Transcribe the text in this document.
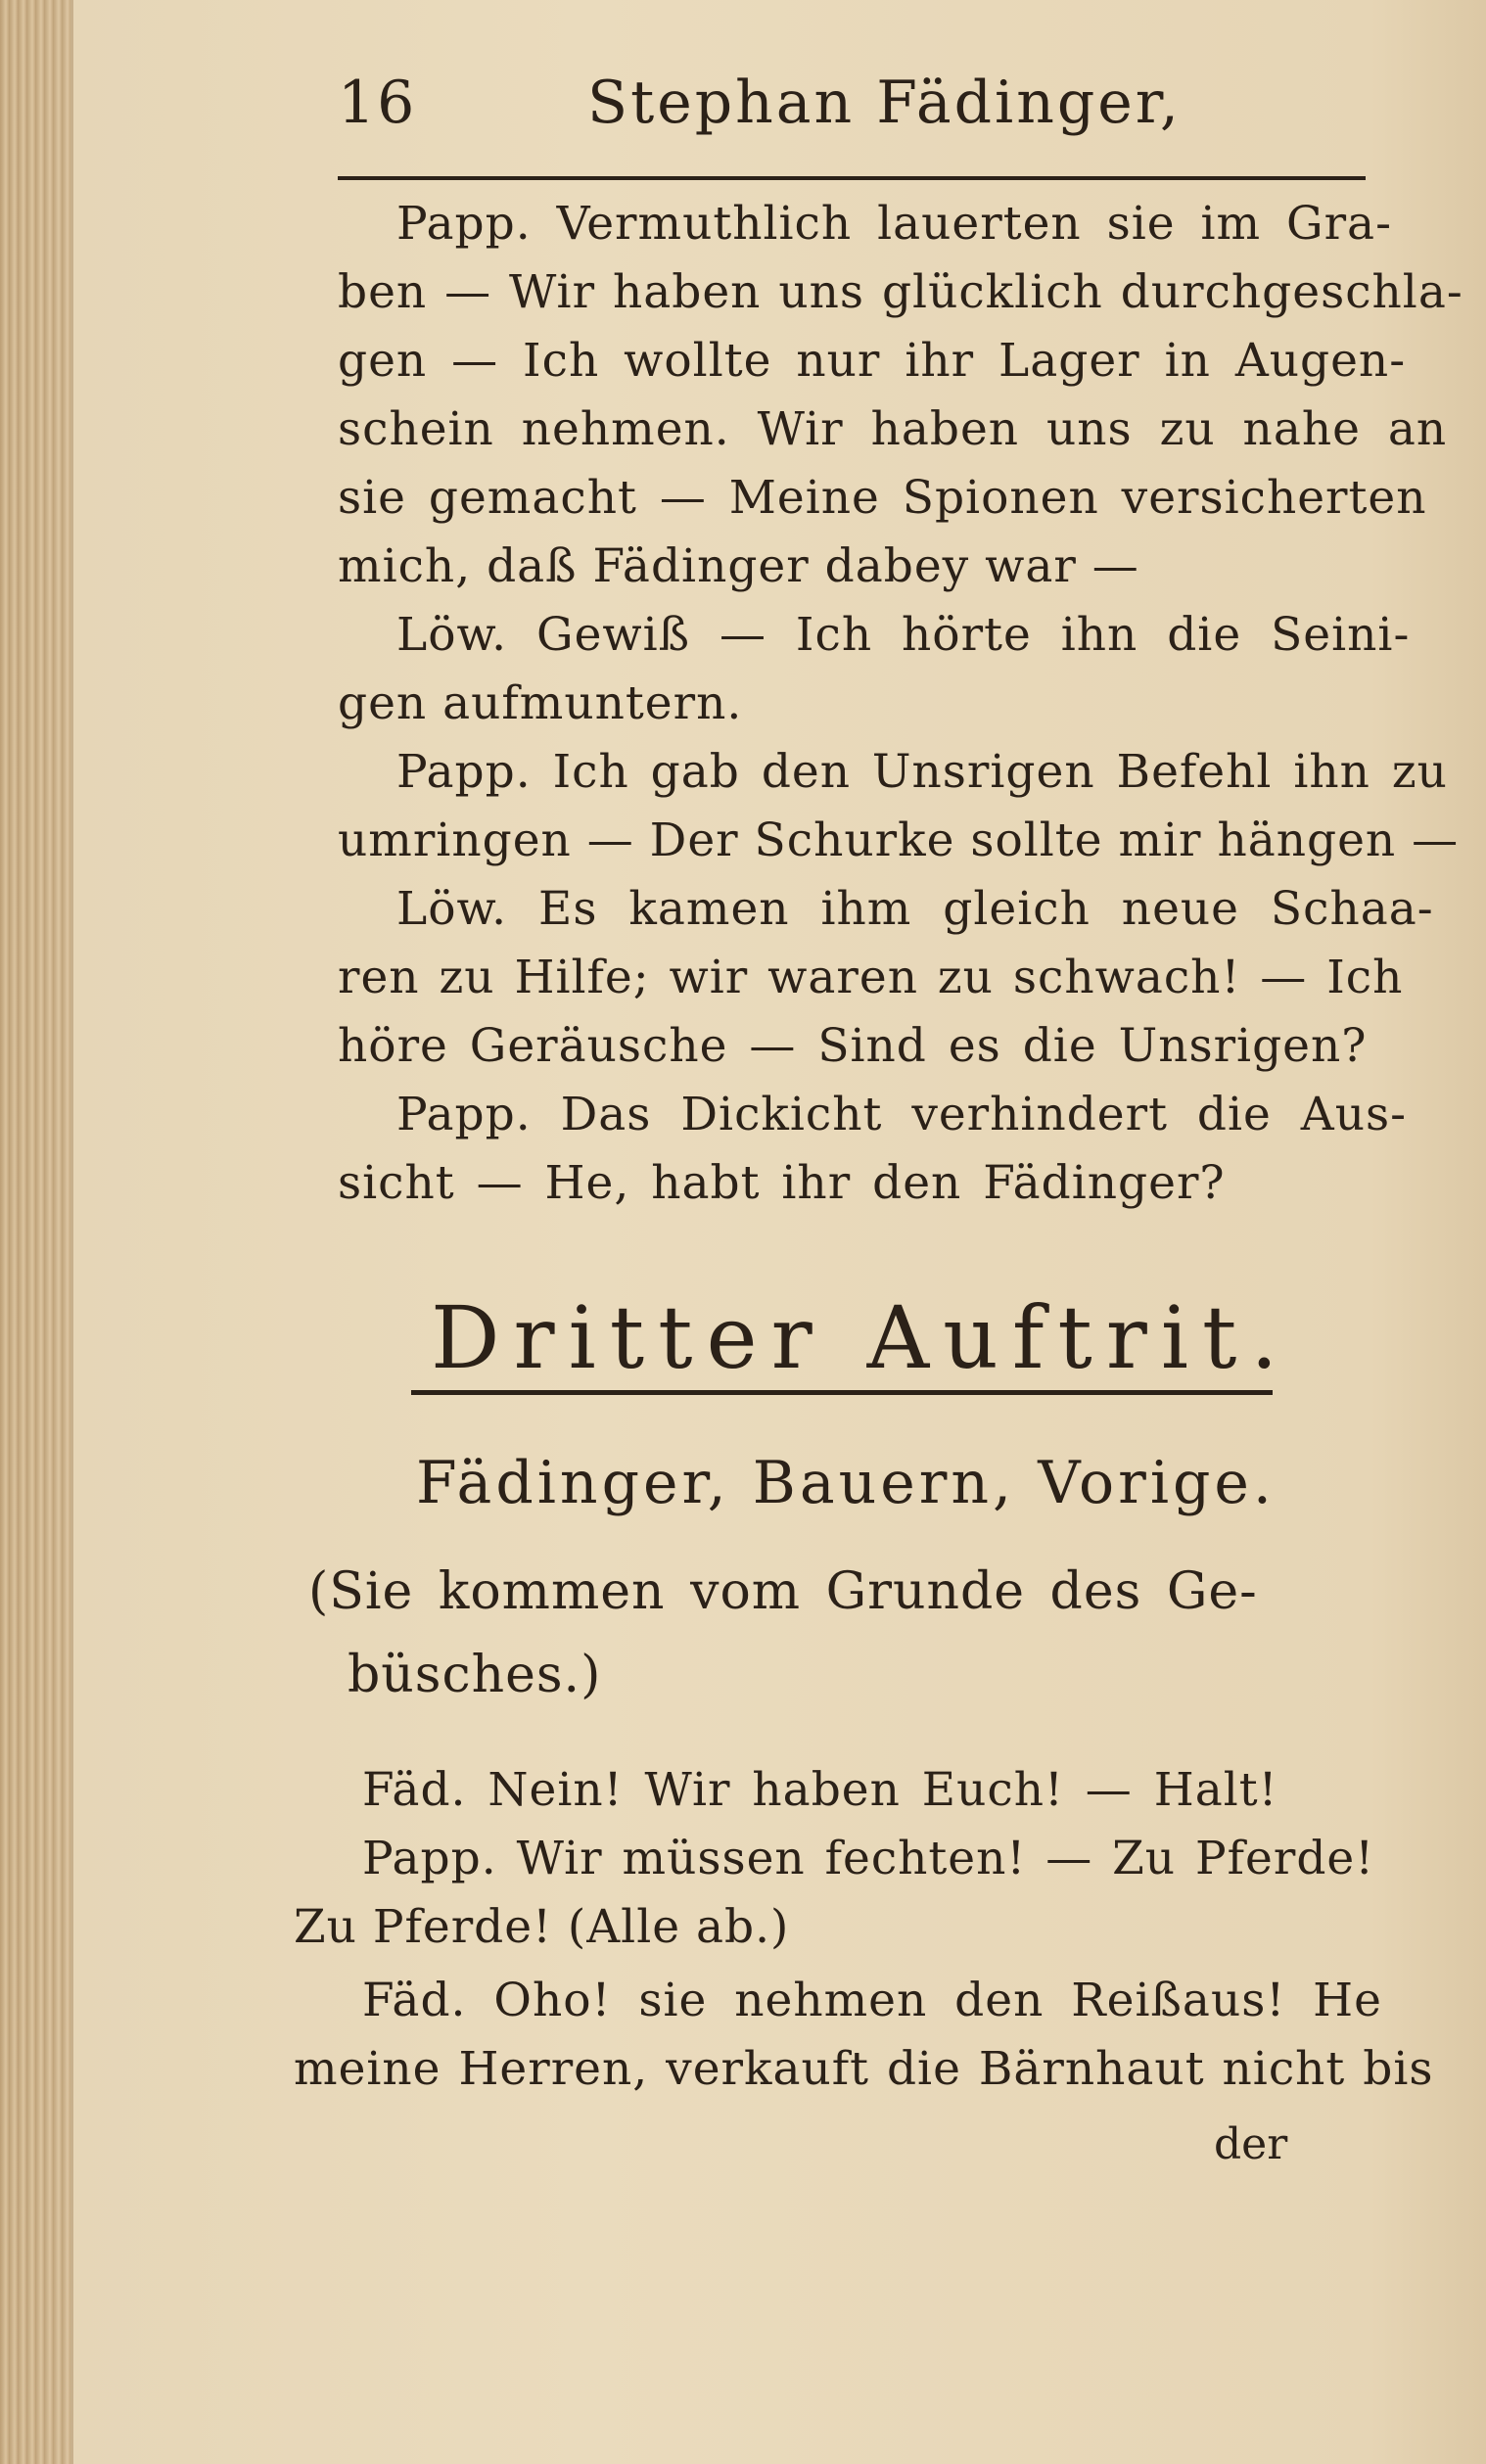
16	Stephan Fädinger,
Papp. Vermuthlich lauerten sie im Gra-
ben — Wir haben uns glücklich durchgeschla-
gen — Ich wollte nur ihr Lager in Augen-
schein nehmen. Wir haben uns zu nahe an
sie gemacht — Meine Spionen versicherten
mich, daß Fädinger dabey war —
Löw. Gewiß — Ich hörte ihn die Seini-
gen aufmuntern.
Papp. Ich gab den Unsrigen Befehl ihn zu
umringen — Der Schurke sollte mir hängen —
Löw. Es kamen ihm gleich neue Schaa-
ren zu Hilfe; wir waren zu schwach! — Ich
höre Geräusche — Sind es die Unsrigen?
Papp. Das Dickicht verhindert die Aus-
sicht — He, habt ihr den Fädinger?
Dritter Auftrit.
Fädinger, Bauern, Vorige.
(Sie kommen vom Grunde des Ge-
büsches.)
Fäd. Nein! Wir haben Euch! — Halt!
Papp. Wir müssen fechten! — Zu Pferde!
Zu Pferde! (Alle ab.)
Fäd. Oho! sie nehmen den Reißaus! He
meine Herren, verkauft die Bärnhaut nicht bis
der
